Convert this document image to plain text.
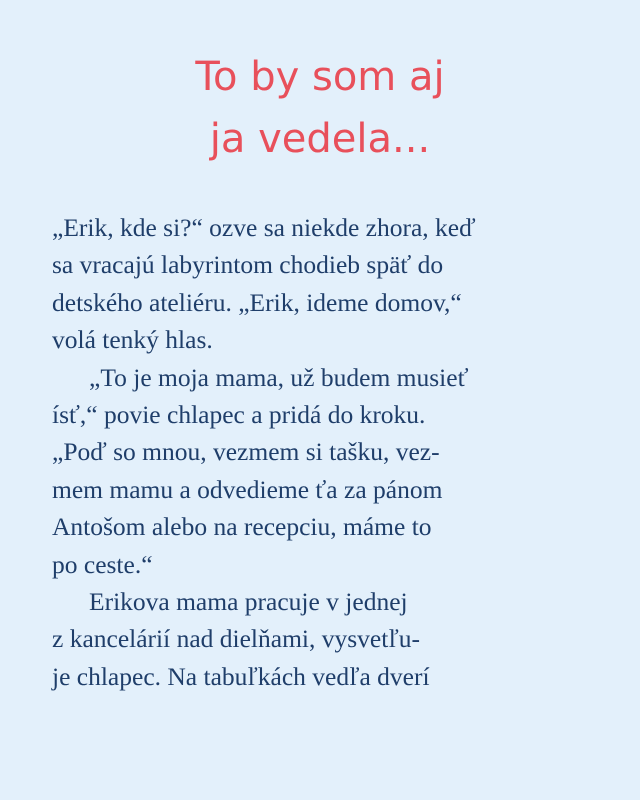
To by som aj
ja vedela...
„Erik, kde si?“ ozve sa niekde zhora, keď
sa vracajú labyrintom chodieb späť do
detského ateliéru. „Erik, ideme domov,“
volá tenký hlas.
„To je moja mama, už budem musieť
ísť,“ povie chlapec a pridá do kroku.
„Poď so mnou, vezmem si tašku, vez-
mem mamu a odvedieme ťa za pánom
Antošom alebo na recepciu, máme to
po ceste.“
Erikova mama pracuje v jednej
z kancelárií nad dielňami, vysvetľu-
je chlapec. Na tabuľkách vedľa dverí
